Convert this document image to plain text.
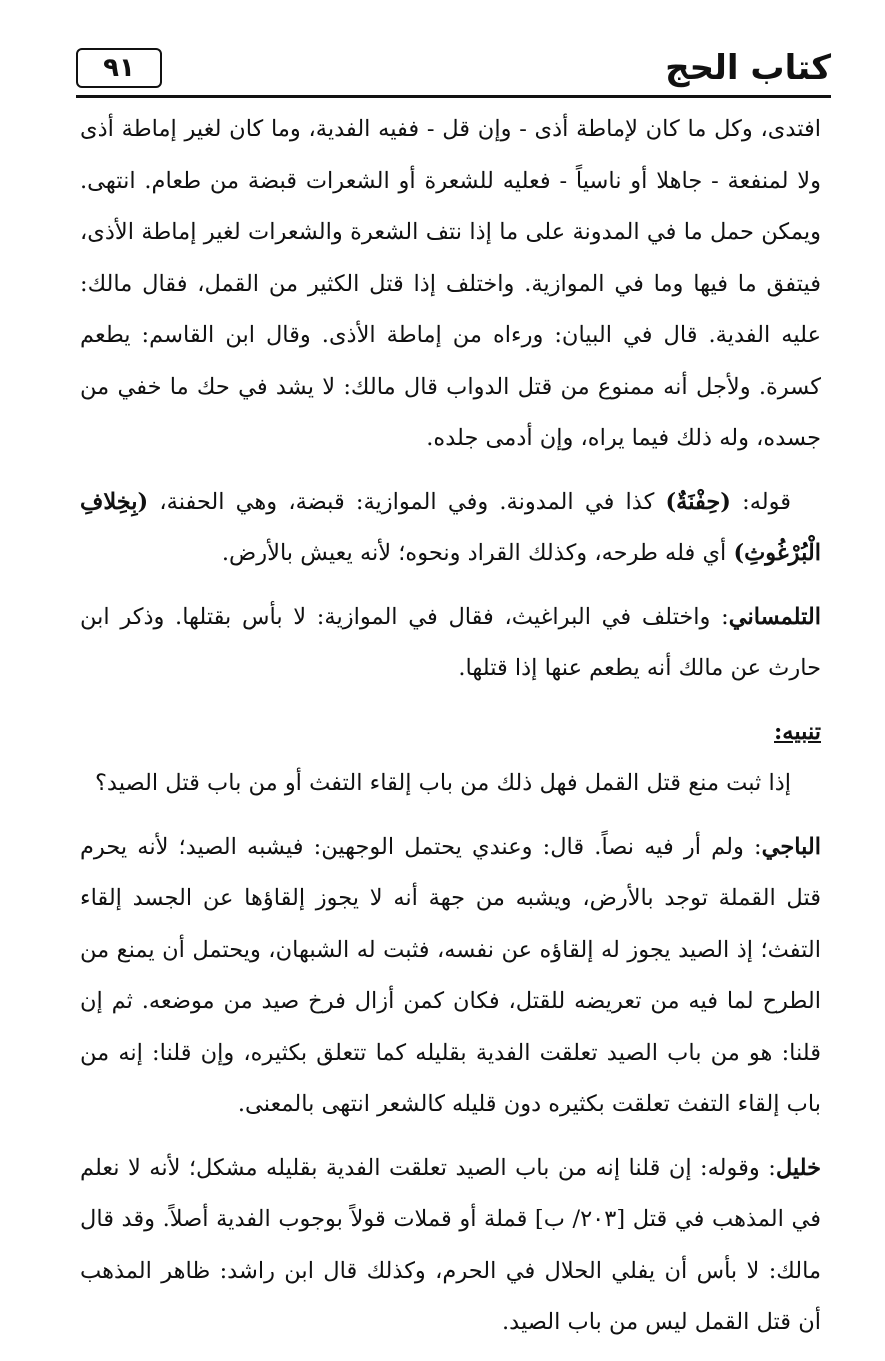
كتاب الحج
٩١

افتدى، وكل ما كان لإماطة أذى - وإن قل - ففيه الفدية، وما كان لغير إماطة أذى ولا لمنفعة - جاهلا أو ناسياً - فعليه للشعرة أو الشعرات قبضة من طعام. انتهى. ويمكن حمل ما في المدونة على ما إذا نتف الشعرة والشعرات لغير إماطة الأذى، فيتفق ما فيها وما في الموازية. واختلف إذا قتل الكثير من القمل، فقال مالك: عليه الفدية. قال في البيان: ورءاه من إماطة الأذى. وقال ابن القاسم: يطعم كسرة. ولأجل أنه ممنوع من قتل الدواب قال مالك: لا يشد في حك ما خفي من جسده، وله ذلك فيما يراه، وإن أدمى جلده.

قوله: (حِفْنَةٌ) كذا في المدونة. وفي الموازية: قبضة، وهي الحفنة، (بِخِلافِ الْبُرْغُوثِ) أي فله طرحه، وكذلك القراد ونحوه؛ لأنه يعيش بالأرض.

التلمساني: واختلف في البراغيث، فقال في الموازية: لا بأس بقتلها. وذكر ابن حارث عن مالك أنه يطعم عنها إذا قتلها.

تنبيه:

إذا ثبت منع قتل القمل فهل ذلك من باب إلقاء التفث أو من باب قتل الصيد؟

الباجي: ولم أر فيه نصاً. قال: وعندي يحتمل الوجهين: فيشبه الصيد؛ لأنه يحرم قتل القملة توجد بالأرض، ويشبه من جهة أنه لا يجوز إلقاؤها عن الجسد إلقاء التفث؛ إذ الصيد يجوز له إلقاؤه عن نفسه، فثبت له الشبهان، ويحتمل أن يمنع من الطرح لما فيه من تعريضه للقتل، فكان كمن أزال فرخ صيد من موضعه. ثم إن قلنا: هو من باب الصيد تعلقت الفدية بقليله كما تتعلق بكثيره، وإن قلنا: إنه من باب إلقاء التفث تعلقت بكثيره دون قليله كالشعر انتهى بالمعنى.

خليل: وقوله: إن قلنا إنه من باب الصيد تعلقت الفدية بقليله مشكل؛ لأنه لا نعلم في المذهب في قتل [٢٠٣/ ب] قملة أو قملات قولاً بوجوب الفدية أصلاً. وقد قال مالك: لا بأس أن يفلي الحلال في الحرم، وكذلك قال ابن راشد: ظاهر المذهب أن قتل القمل ليس من باب الصيد.
